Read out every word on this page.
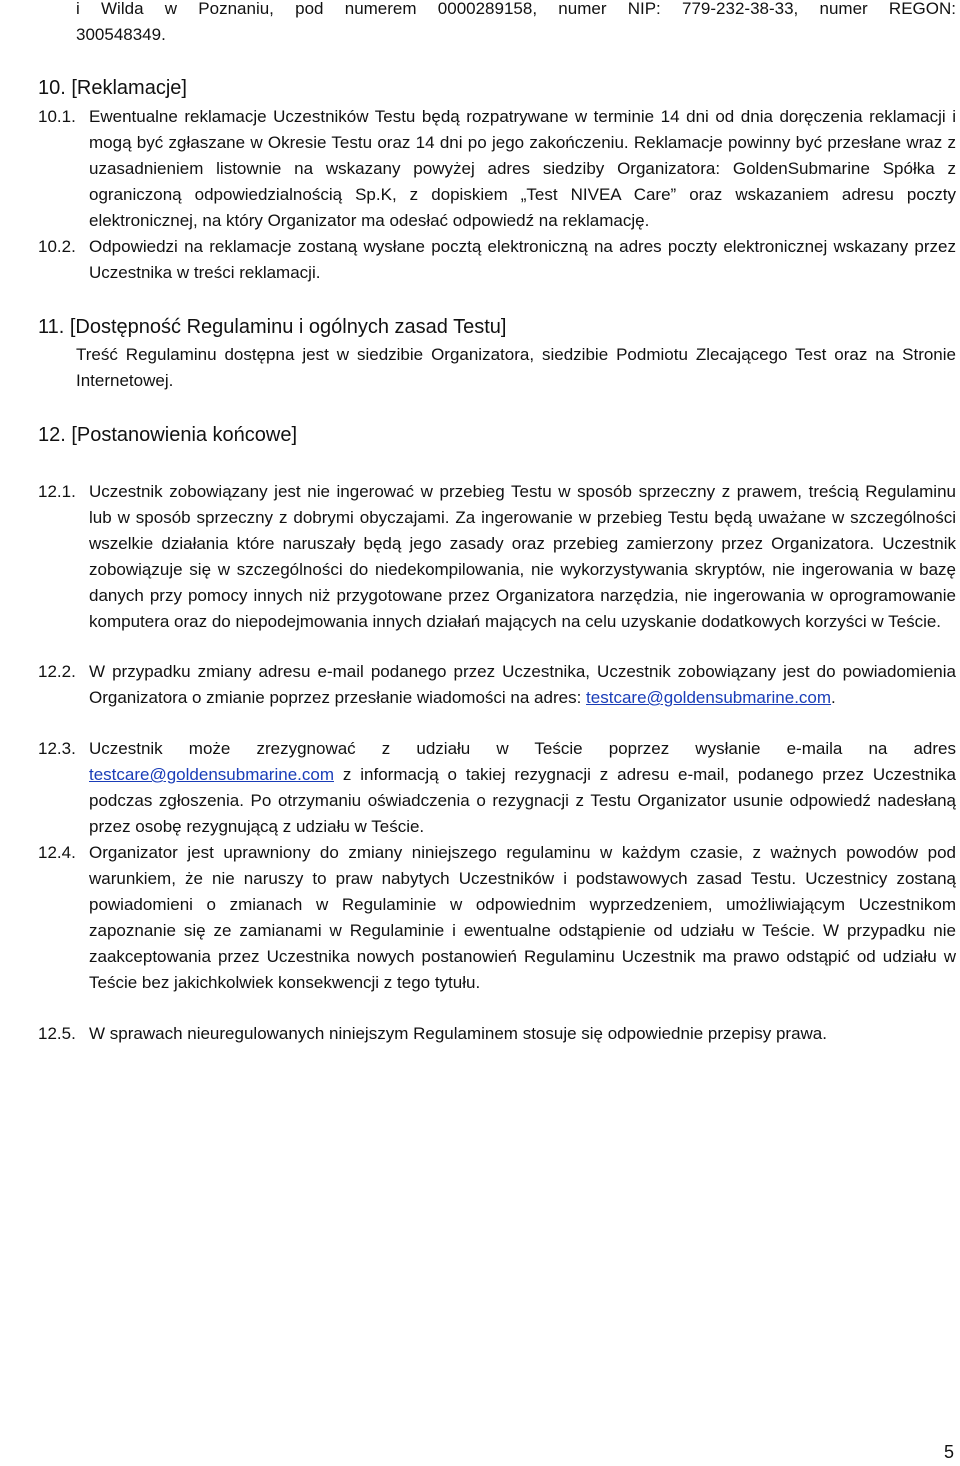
i Wilda w Poznaniu, pod numerem 0000289158, numer NIP: 779-232-38-33, numer REGON:
300548349.
10. [Reklamacje]
10.1. Ewentualne reklamacje Uczestników Testu będą rozpatrywane w terminie 14 dni od dnia doręczenia reklamacji i mogą być zgłaszane w Okresie Testu oraz 14 dni po jego zakończeniu. Reklamacje powinny być przesłane wraz z uzasadnieniem listownie na wskazany powyżej adres siedziby Organizatora: GoldenSubmarine Spółka z ograniczoną odpowiedzialnością Sp.K, z dopiskiem „Test NIVEA Care” oraz wskazaniem adresu poczty elektronicznej, na który Organizator ma odesłać odpowiedź na reklamację.

10.2. Odpowiedzi na reklamacje zostaną wysłane pocztą elektroniczną na adres poczty elektronicznej wskazany przez Uczestnika w treści reklamacji.

11. [Dostępność Regulaminu i ogólnych zasad Testu]

Treść Regulaminu dostępna jest w siedzibie Organizatora, siedzibie Podmiotu Zlecającego Test oraz na Stronie Internetowej.

12. [Postanowienia końcowe]
12.1. Uczestnik zobowiązany jest nie ingerować w przebieg Testu w sposób sprzeczny z prawem, treścią Regulaminu lub w sposób sprzeczny z dobrymi obyczajami. Za ingerowanie w przebieg Testu będą uważane w szczególności wszelkie działania które naruszały będą jego zasady oraz przebieg zamierzony przez Organizatora. Uczestnik zobowiązuje się w szczególności do niedekompilowania, nie wykorzystywania skryptów, nie ingerowania w bazę danych przy pomocy innych niż przygotowane przez Organizatora narzędzia, nie ingerowania w oprogramowanie komputera oraz do niepodejmowania innych działań mających na celu uzyskanie dodatkowych korzyści w Teście.

12.2. W przypadku zmiany adresu e-mail podanego przez Uczestnika, Uczestnik zobowiązany jest do powiadomienia Organizatora o zmianie poprzez przesłanie wiadomości na adres: testcare@goldensubmarine.com.

12.3. Uczestnik może zrezygnować z udziału w Teście poprzez wysłanie e-maila na adres testcare@goldensubmarine.com z informacją o takiej rezygnacji z adresu e-mail, podanego przez Uczestnika podczas zgłoszenia. Po otrzymaniu oświadczenia o rezygnacji z Testu Organizator usunie odpowiedź nadesłaną przez osobę rezygnującą z udziału w Teście.

12.4. Organizator jest uprawniony do zmiany niniejszego regulaminu w każdym czasie, z ważnych powodów pod warunkiem, że nie naruszy to praw nabytych Uczestników i podstawowych zasad Testu. Uczestnicy zostaną powiadomieni o zmianach w Regulaminie w odpowiednim wyprzedzeniem, umożliwiającym Uczestnikom zapoznanie się ze zamianami w Regulaminie i ewentualne odstąpienie od udziału w Teście. W przypadku nie zaakceptowania przez Uczestnika nowych postanowień Regulaminu Uczestnik ma prawo odstąpić od udziału w Teście bez jakichkolwiek konsekwencji z tego tytułu.

12.5. W sprawach nieuregulowanych niniejszym Regulaminem stosuje się odpowiednie przepisy prawa.

5
